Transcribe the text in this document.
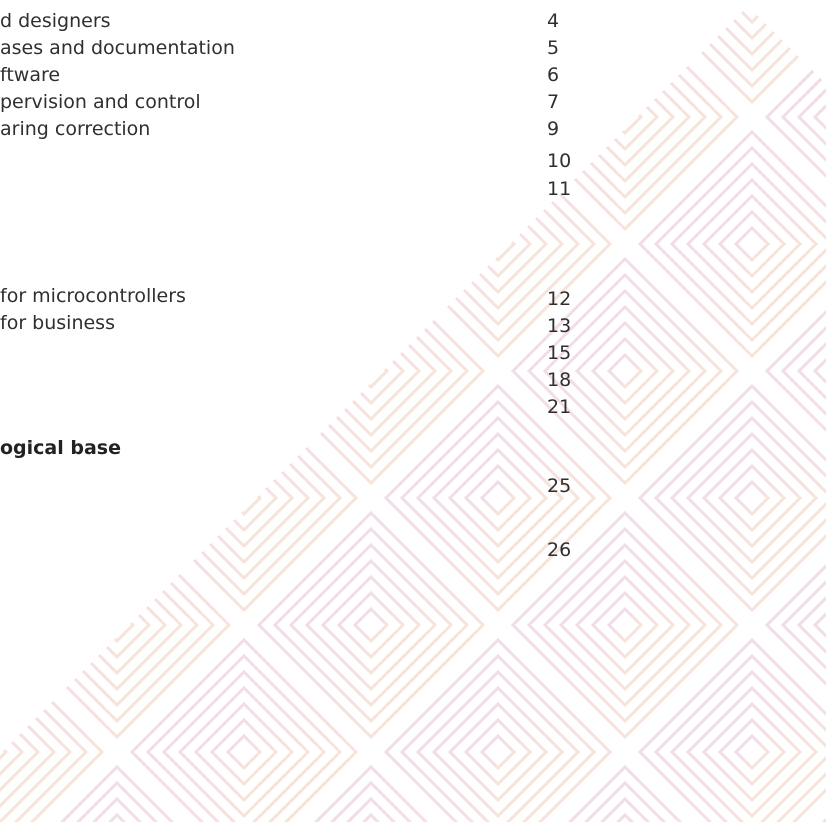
d designers	4
ases and documentation	5
ftware	6
pervision and control	7
aring correction	9
10
11
for microcontrollers	12
for business	13
15
18
21
ogical base
25
26
